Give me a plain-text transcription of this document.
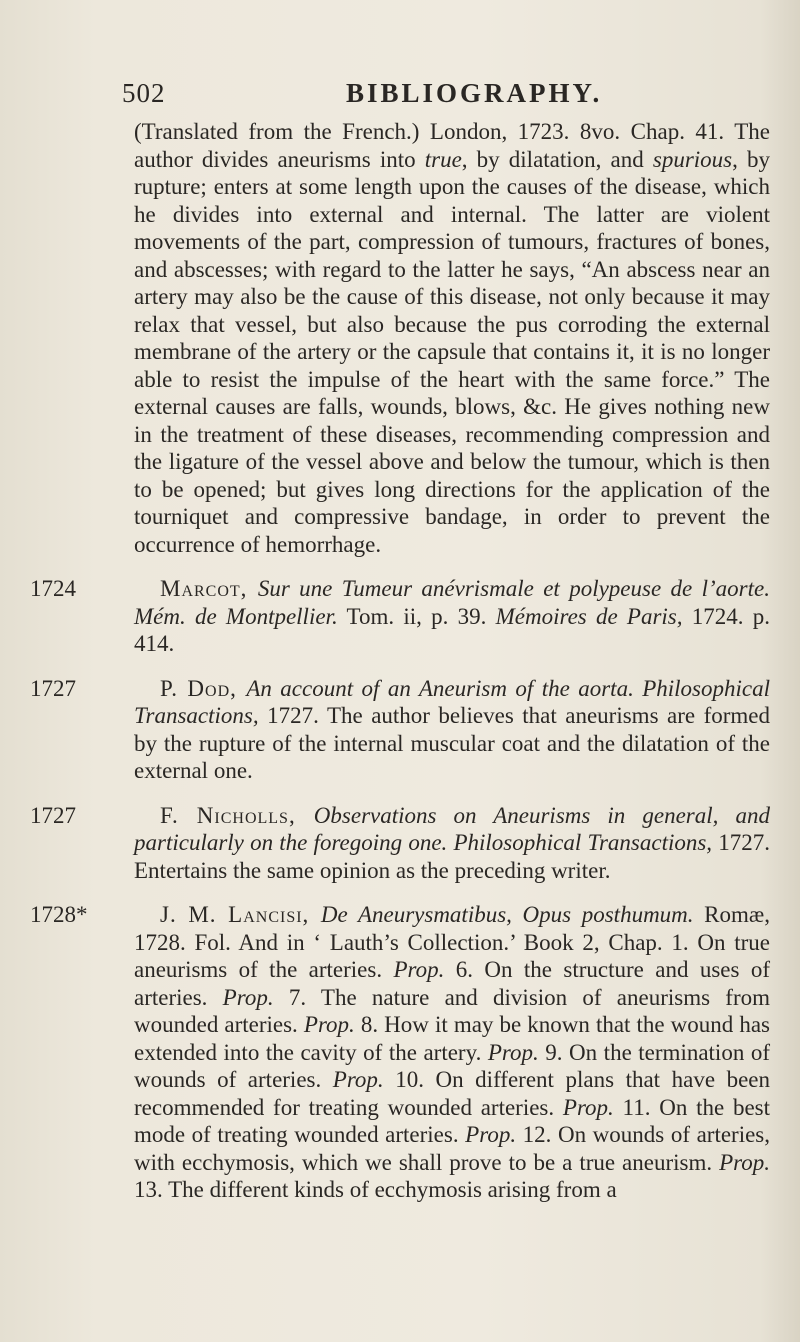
502	BIBLIOGRAPHY.

(Translated from the French.) London, 1723. 8vo. Chap. 41. The author divides aneurisms into true, by dilatation, and spurious, by rupture; enters at some length upon the causes of the disease, which he divides into external and internal. The latter are violent movements of the part, compression of tumours, fractures of bones, and abscesses; with regard to the latter he says, “An abscess near an artery may also be the cause of this disease, not only because it may relax that vessel, but also because the pus corroding the external membrane of the artery or the capsule that contains it, it is no longer able to resist the impulse of the heart with the same force.” The external causes are falls, wounds, blows, &c. He gives nothing new in the treatment of these diseases, recommending compression and the ligature of the vessel above and below the tumour, which is then to be opened; but gives long directions for the application of the tourniquet and compressive bandage, in order to prevent the occurrence of hemorrhage.

1724	Marcot, Sur une Tumeur anévrismale et polypeuse de l’aorte. Mém. de Montpellier. Tom. ii, p. 39. Mémoires de Paris, 1724. p. 414.

1727	P. Dod, An account of an Aneurism of the aorta. Philosophical Transactions, 1727. The author believes that aneurisms are formed by the rupture of the internal muscular coat and the dilatation of the external one.

1727	F. Nicholls, Observations on Aneurisms in general, and particularly on the foregoing one. Philosophical Transactions, 1727. Entertains the same opinion as the preceding writer.

1728*	J. M. Lancisi, De Aneurysmatibus, Opus posthumum. Romæ, 1728. Fol. And in ‘ Lauth’s Collection.’ Book 2, Chap. 1. On true aneurisms of the arteries. Prop. 6. On the structure and uses of arteries. Prop. 7. The nature and division of aneurisms from wounded arteries. Prop. 8. How it may be known that the wound has extended into the cavity of the artery. Prop. 9. On the termination of wounds of arteries. Prop. 10. On different plans that have been recommended for treating wounded arteries. Prop. 11. On the best mode of treating wounded arteries. Prop. 12. On wounds of arteries, with ecchymosis, which we shall prove to be a true aneurism. Prop. 13. The different kinds of ecchymosis arising from a
